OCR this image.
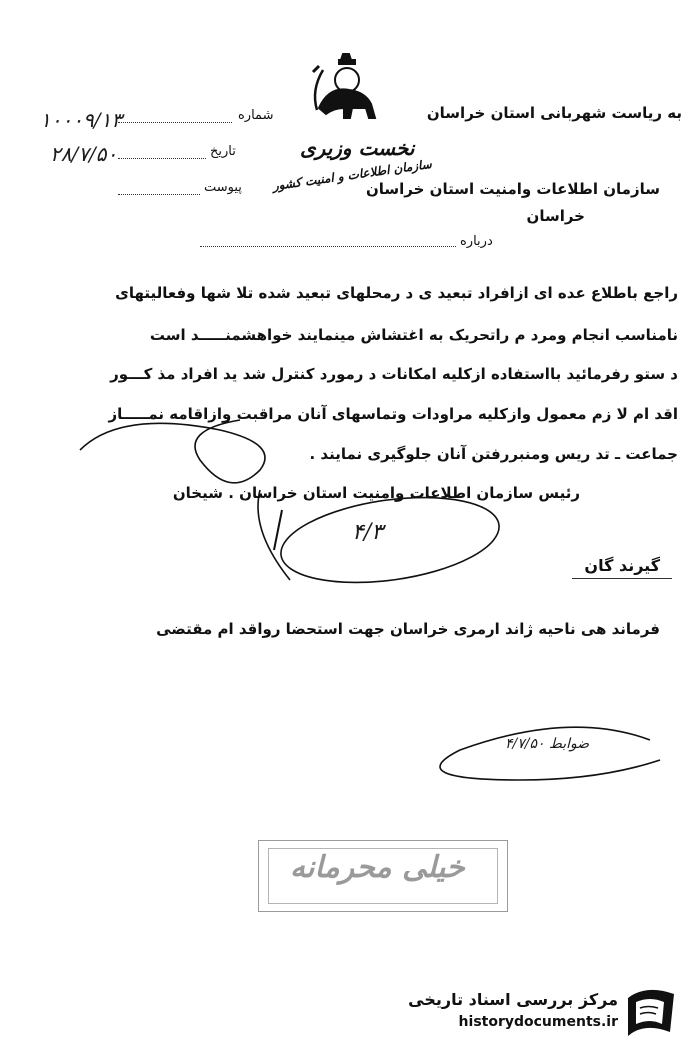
به ریاست شهربانی استان خراسان
نخست وزیری
سازمان اطلاعات وامنیت استان خراسان
سازمان اطلاعات و امنیت کشور
خراسان
شماره
۱۰۰۰۹/۱۳
تاریخ
۲۸/۷/۵۰
پیوست
درباره
راجع باطلاع عده ای ازافراد تبعید ی د رمحلهای تبعید شده تلا شها وفعالیتهای
نامناسب انجام ومرد م راتحریک به اغتشاش مینمایند خواهشمنـــــد است
د ستو رفرمائید بااستفاده ازکلیه امکانات د رمورد کنترل شد ید افراد مذ کـــور
اقد ام لا زم معمول وازکلیه مراودات وتماسهای آنان مراقبت وازاقامه نمـــــاز
جماعت ـ تد ریس ومنبررفتن آنان جلوگیری نمایند .
رئیس سازمان اطلاعات وامنیت استان خراسان . شیخان
۴/۳
گیرند گان
فرماند هی ناحیه ژاند ارمری خراسان جهت استحضا رواقد ام مقتضی
ضوابط ۴/۷/۵۰
خیلی محرمانه
مرکز بررسی اسناد تاریخی
historydocuments.ir
